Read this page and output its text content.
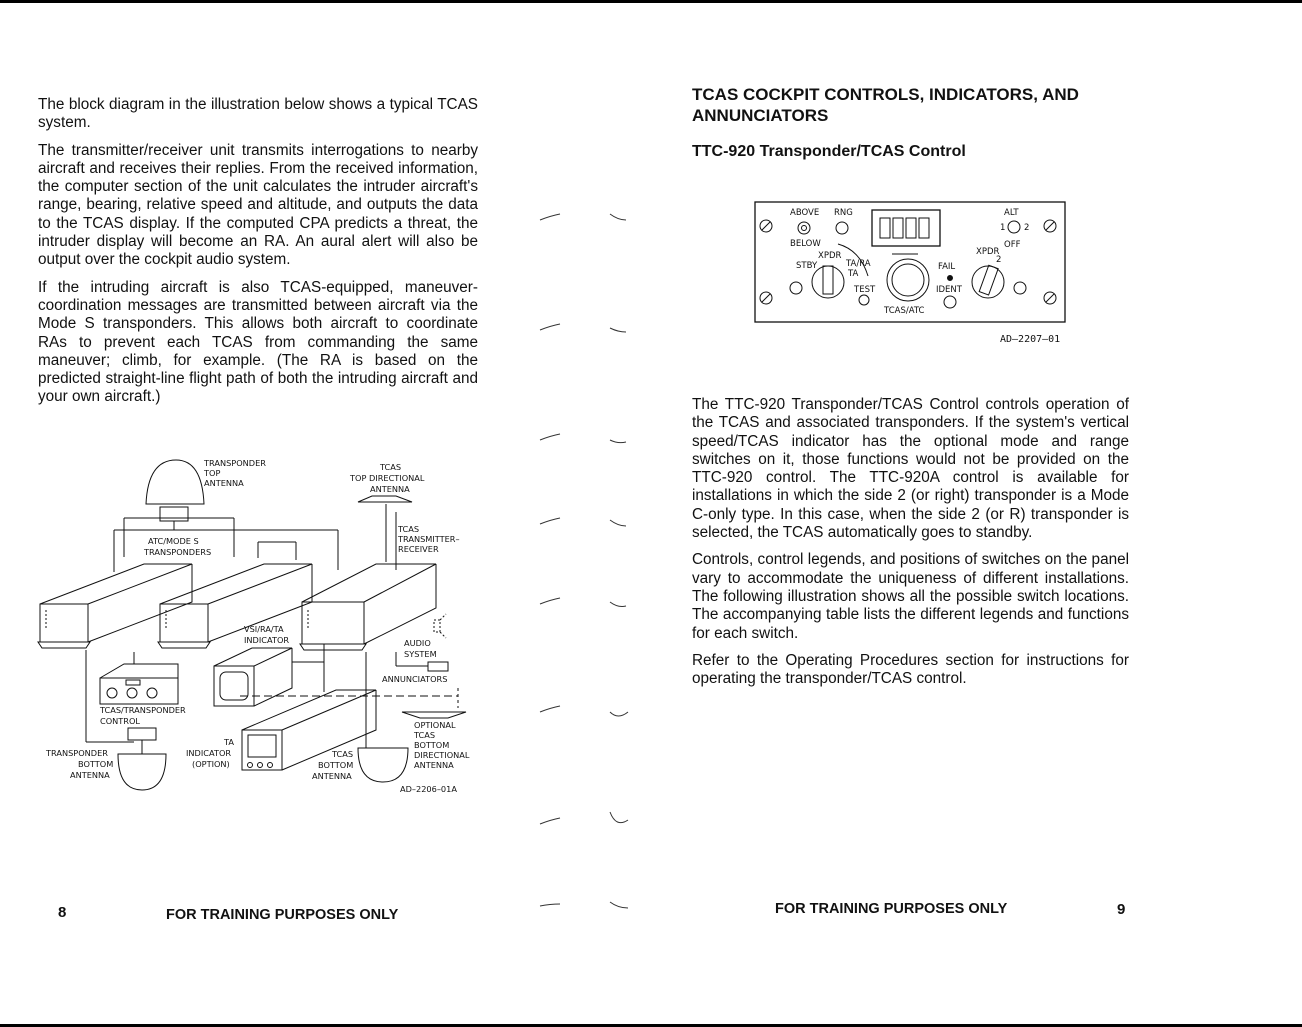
The block diagram in the illustration below shows a typical TCAS system.

The transmitter/receiver unit transmits interrogations to nearby aircraft and receives their replies. From the received information, the computer section of the unit calculates the intruder aircraft's range, bearing, relative speed and altitude, and outputs the data to the TCAS display. If the computed CPA predicts a threat, the intruder display will become an RA. An aural alert will also be output over the cockpit audio system.

If the intruding aircraft is also TCAS-equipped, maneuver-coordination messages are transmitted between aircraft via the Mode S transponders. This allows both aircraft to coordinate RAs to prevent each TCAS from commanding the same maneuver; climb, for example. (The RA is based on the predicted straight-line flight path of both the intruding aircraft and your own aircraft.)

TRANSPONDER
TOP
ANTENNA
TCAS
TOP DIRECTIONAL
ANTENNA
ATC/MODE S
TRANSPONDERS
TCAS
TRANSMITTER–
RECEIVER
AUDIO
SYSTEM
ANNUNCIATORS
VSI/RA/TA
INDICATOR
TCAS/TRANSPONDER
CONTROL
TA
INDICATOR
(OPTION)
TRANSPONDER
BOTTOM
ANTENNA
TCAS
BOTTOM
ANTENNA
OPTIONAL
TCAS
BOTTOM
DIRECTIONAL
ANTENNA
AD–2206–01A
TCAS COCKPIT CONTROLS, INDICATORS, AND ANNUNCIATORS
TTC-920 Transponder/TCAS Control
ABOVE RNG
BELOW
STBY
XPDR
TA/RA
TA
TEST
TCAS/ATC
FAIL
IDENT
ALT
1 2
XPDR
OFF
2
AD–2207–01

The TTC-920 Transponder/TCAS Control controls operation of the TCAS and associated transponders. If the system's vertical speed/TCAS indicator has the optional mode and range switches on it, those functions would not be provided on the TTC-920 control. The TTC-920A control is available for installations in which the side 2 (or right) transponder is a Mode C-only type. In this case, when the side 2 (or R) transponder is selected, the TCAS automatically goes to standby.

Controls, control legends, and positions of switches on the panel vary to accommodate the uniqueness of different installations. The following illustration shows all the possible switch locations. The accompanying table lists the different legends and functions for each switch.

Refer to the Operating Procedures section for instructions for operating the transponder/TCAS control.

8	FOR TRAINING PURPOSES ONLY	FOR TRAINING PURPOSES ONLY	9
